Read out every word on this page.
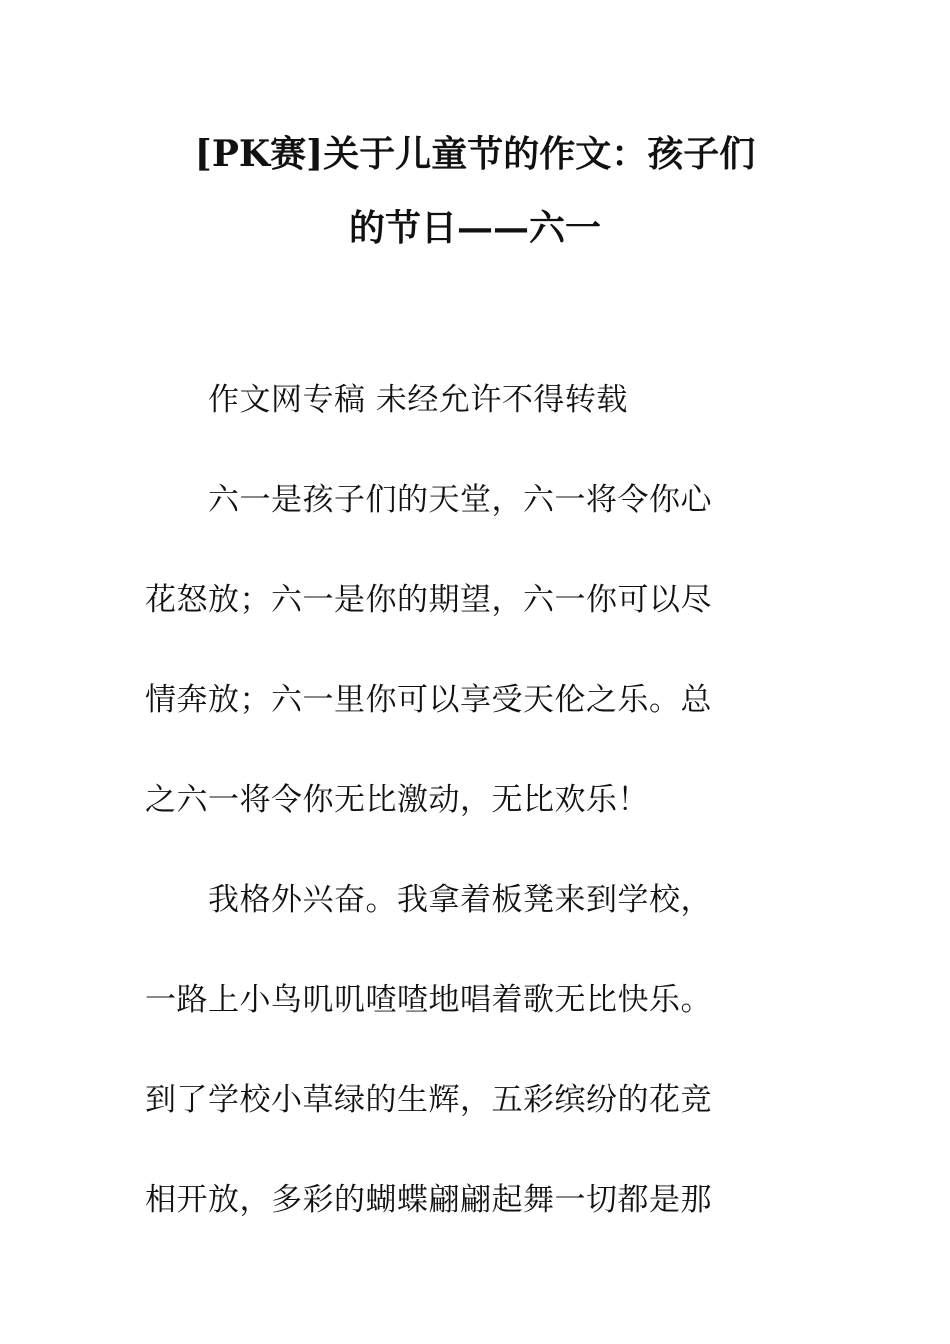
[PK赛]关于儿童节的作文：孩子们
的节日——六一
　　作文网专稿 未经允许不得转载
　　六一是孩子们的天堂，六一将令你心
花怒放；六一是你的期望，六一你可以尽
情奔放；六一里你可以享受天伦之乐。总
之六一将令你无比激动，无比欢乐！
　　我格外兴奋。我拿着板凳来到学校，
一路上小鸟叽叽喳喳地唱着歌无比快乐。
到了学校小草绿的生辉，五彩缤纷的花竞
相开放，多彩的蝴蝶翩翩起舞一切都是那
